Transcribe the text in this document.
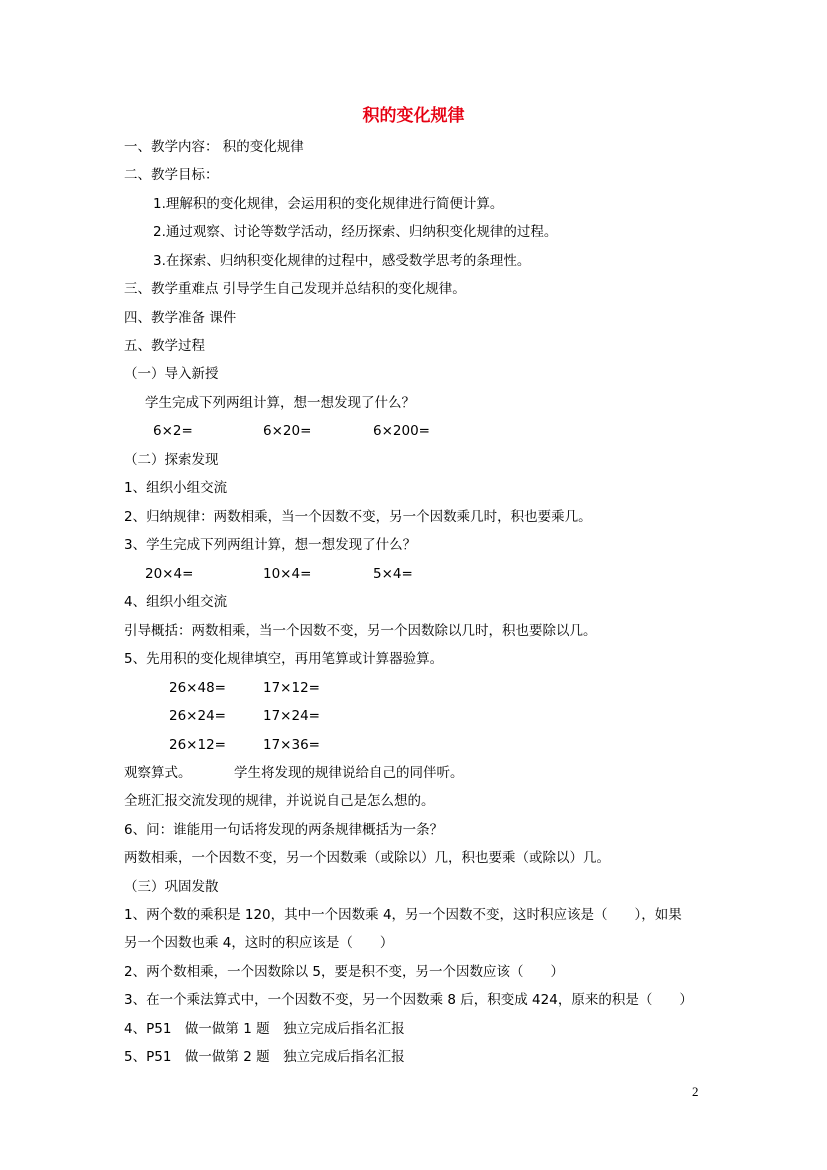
积的变化规律
一、教学内容： 积的变化规律
二、教学目标：
1.理解积的变化规律，会运用积的变化规律进行简便计算。
2.通过观察、讨论等数学活动，经历探索、归纳积变化规律的过程。
3.在探索、归纳积变化规律的过程中，感受数学思考的条理性。
三、教学重难点 引导学生自己发现并总结积的变化规律。
四、教学准备 课件
五、教学过程
（一）导入新授
学生完成下列两组计算，想一想发现了什么？
6×2=	6×20=	6×200=
（二）探索发现
1、组织小组交流
2、归纳规律：两数相乘，当一个因数不变，另一个因数乘几时，积也要乘几。
3、学生完成下列两组计算，想一想发现了什么？
20×4=	10×4=	5×4=
4、组织小组交流
引导概括：两数相乘，当一个因数不变，另一个因数除以几时，积也要除以几。
5、先用积的变化规律填空，再用笔算或计算器验算。
26×48=	17×12=
26×24=	17×24=
26×12=	17×36=
观察算式。	学生将发现的规律说给自己的同伴听。
全班汇报交流发现的规律，并说说自己是怎么想的。
6、问：谁能用一句话将发现的两条规律概括为一条？
两数相乘，一个因数不变，另一个因数乘（或除以）几，积也要乘（或除以）几。
（三）巩固发散
1、两个数的乘积是 120，其中一个因数乘 4，另一个因数不变，这时积应该是（　　），如果
另一个因数也乘 4，这时的积应该是（　　）
2、两个数相乘，一个因数除以 5，要是积不变，另一个因数应该（　　）
3、在一个乘法算式中，一个因数不变，另一个因数乘 8 后，积变成 424，原来的积是（　　）
4、P51　做一做第 1 题　独立完成后指名汇报
5、P51　做一做第 2 题　独立完成后指名汇报
2
